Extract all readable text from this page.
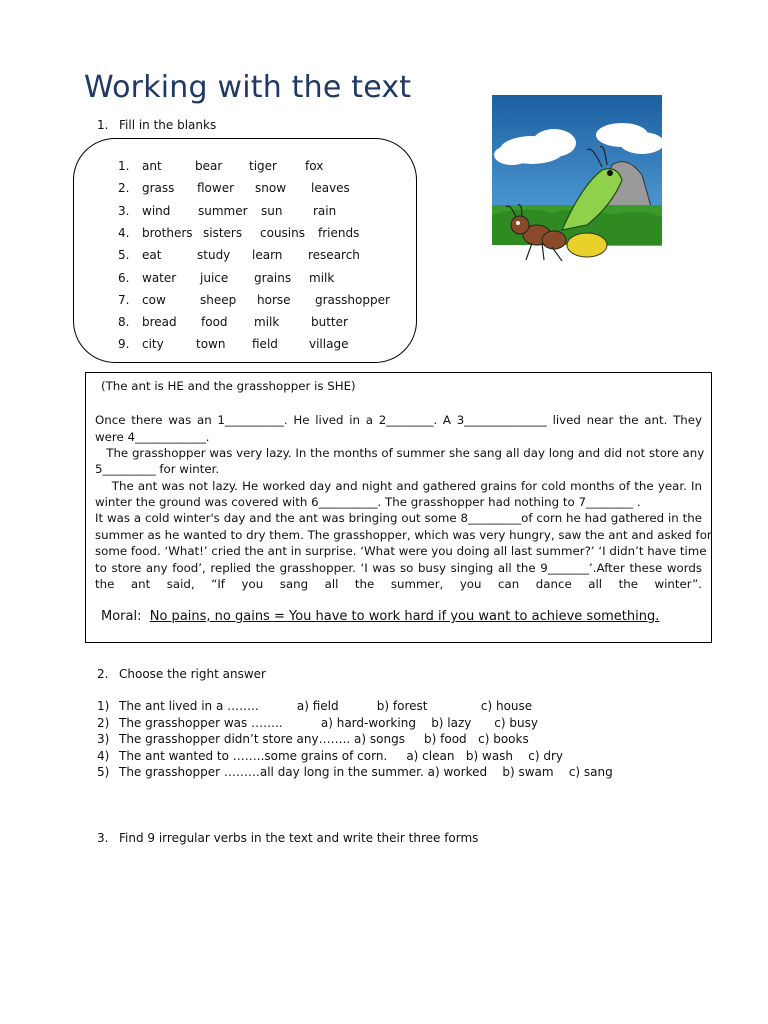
Working with the text
1. Fill in the blanks
1. ant	bear tiger fox
2. grass flower snow leaves
3. wind summer sun	rain
4. brothers sisters cousins friends
5. eat	study learn research
6. water juice grains milk
7. cow	sheep horse grasshopper
8. bread food milk	butter
9. city	town field	village
(The ant is HE and the grasshopper is SHE)
Once there was an 1__________. He lived in a 2________. A 3______________ lived near the ant. They
were 4____________.
The grasshopper was very lazy. In the months of summer she sang all day long and did not store any
5_________ for winter.
The ant was not lazy. He worked day and night and gathered grains for cold months of the year. In
winter the ground was covered with 6__________. The grasshopper had nothing to 7________ .
It was a cold winter's day and the ant was bringing out some 8_________of corn he had gathered in the
summer as he wanted to dry them. The grasshopper, which was very hungry, saw the ant and asked for
some food. ‘What!’ cried the ant in surprise. ‘What were you doing all last summer?’ ‘I didn’t have time
to store any food’, replied the grasshopper. ‘I was so busy singing all the 9_______’.After these words
the ant said, “If you sang all the summer, you can dance all the winter”.
Moral: No pains, no gains = You have to work hard if you want to achieve something.
2. Choose the right answer
1) The ant lived in a ……..          a) field          b) forest              c) house
2) The grasshopper was ……..          a) hard-working    b) lazy      c) busy
3) The grasshopper didn’t store any…….. a) songs     b) food   c) books
4) The ant wanted to ……..some grains of corn.     a) clean   b) wash    c) dry
5) The grasshopper ………all day long in the summer. a) worked    b) swam    c) sang
3. Find 9 irregular verbs in the text and write their three forms
